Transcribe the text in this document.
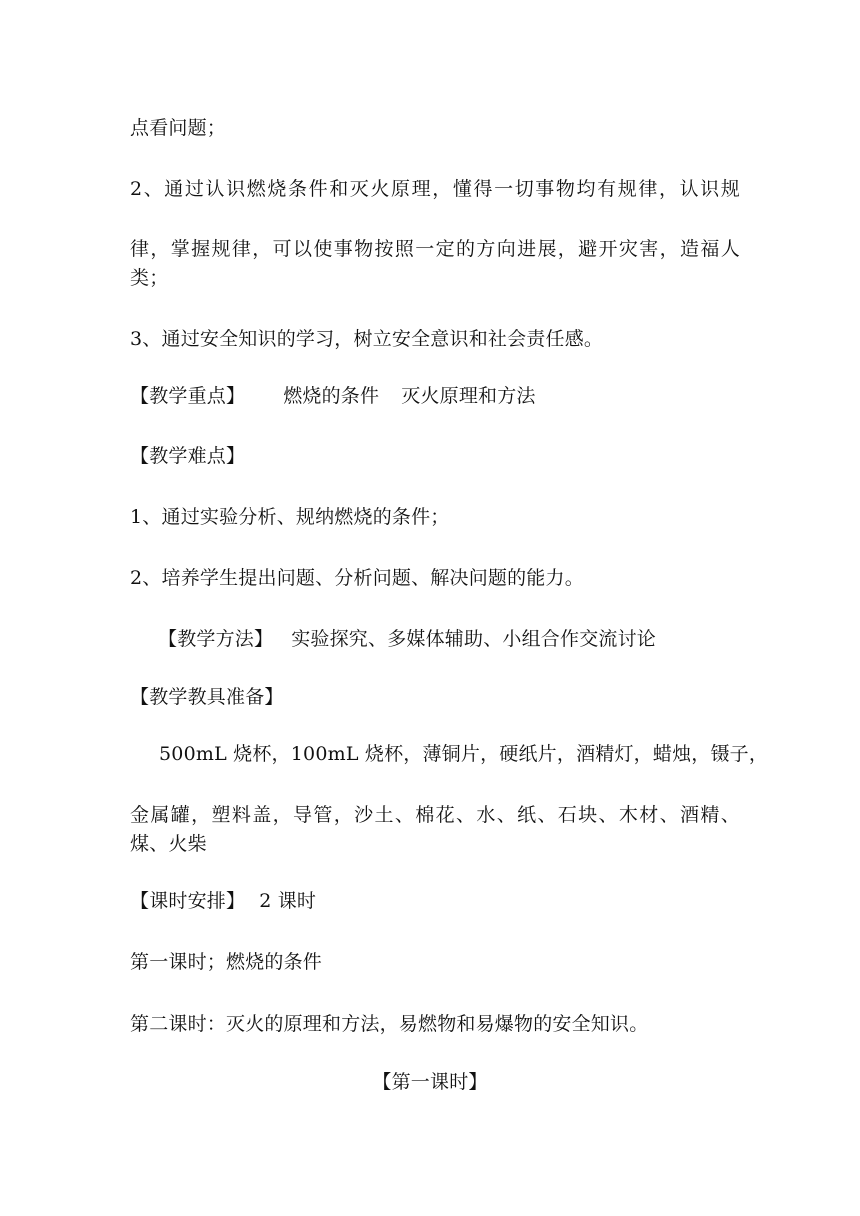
点看问题；
2、通过认识燃烧条件和灭火原理，懂得一切事物均有规律，认识规
律，掌握规律，可以使事物按照一定的方向进展，避开灾害，造福人
类；
3、通过安全知识的学习，树立安全意识和社会责任感。
【教学重点】 燃烧的条件 灭火原理和方法
【教学难点】
1、通过实验分析、规纳燃烧的条件；
2、培养学生提出问题、分析问题、解决问题的能力。
【教学方法】 实验探究、多媒体辅助、小组合作交流讨论
【教学教具准备】
500mL 烧杯，100mL 烧杯，薄铜片，硬纸片，酒精灯，蜡烛，镊子，
金属罐，塑料盖，导管，沙土、棉花、水、纸、石块、木材、酒精、
煤、火柴
【课时安排】 2 课时
第一课时；燃烧的条件
第二课时：灭火的原理和方法，易燃物和易爆物的安全知识。
【第一课时】
